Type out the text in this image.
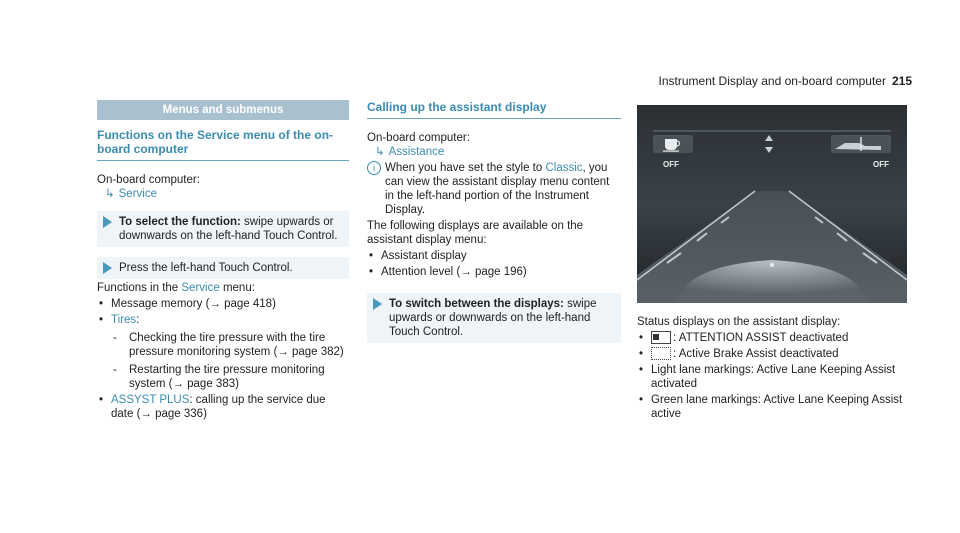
Instrument Display and on-board computer 215
Menus and submenus
Functions on the Service menu of the on-board computer
On-board computer:
↳ Service
To select the function: swipe upwards or downwards on the left-hand Touch Control.
Press the left-hand Touch Control.
Functions in the Service menu:
• Message memory (→ page 418)
• Tires:
- Checking the tire pressure with the tire pressure monitoring system (→ page 382)
- Restarting the tire pressure monitoring system (→ page 383)
• ASSYST PLUS: calling up the service due date (→ page 336)
Calling up the assistant display
On-board computer:
↳ Assistance
i When you have set the style to Classic, you can view the assistant display menu content in the left-hand portion of the Instrument Display.
The following displays are available on the assistant display menu:
• Assistant display
• Attention level (→ page 196)
To switch between the displays: swipe upwards or downwards on the left-hand Touch Control.
OFF	OFF
Status displays on the assistant display:
• : ATTENTION ASSIST deactivated
• : Active Brake Assist deactivated
• Light lane markings: Active Lane Keeping Assist activated
• Green lane markings: Active Lane Keeping Assist active
